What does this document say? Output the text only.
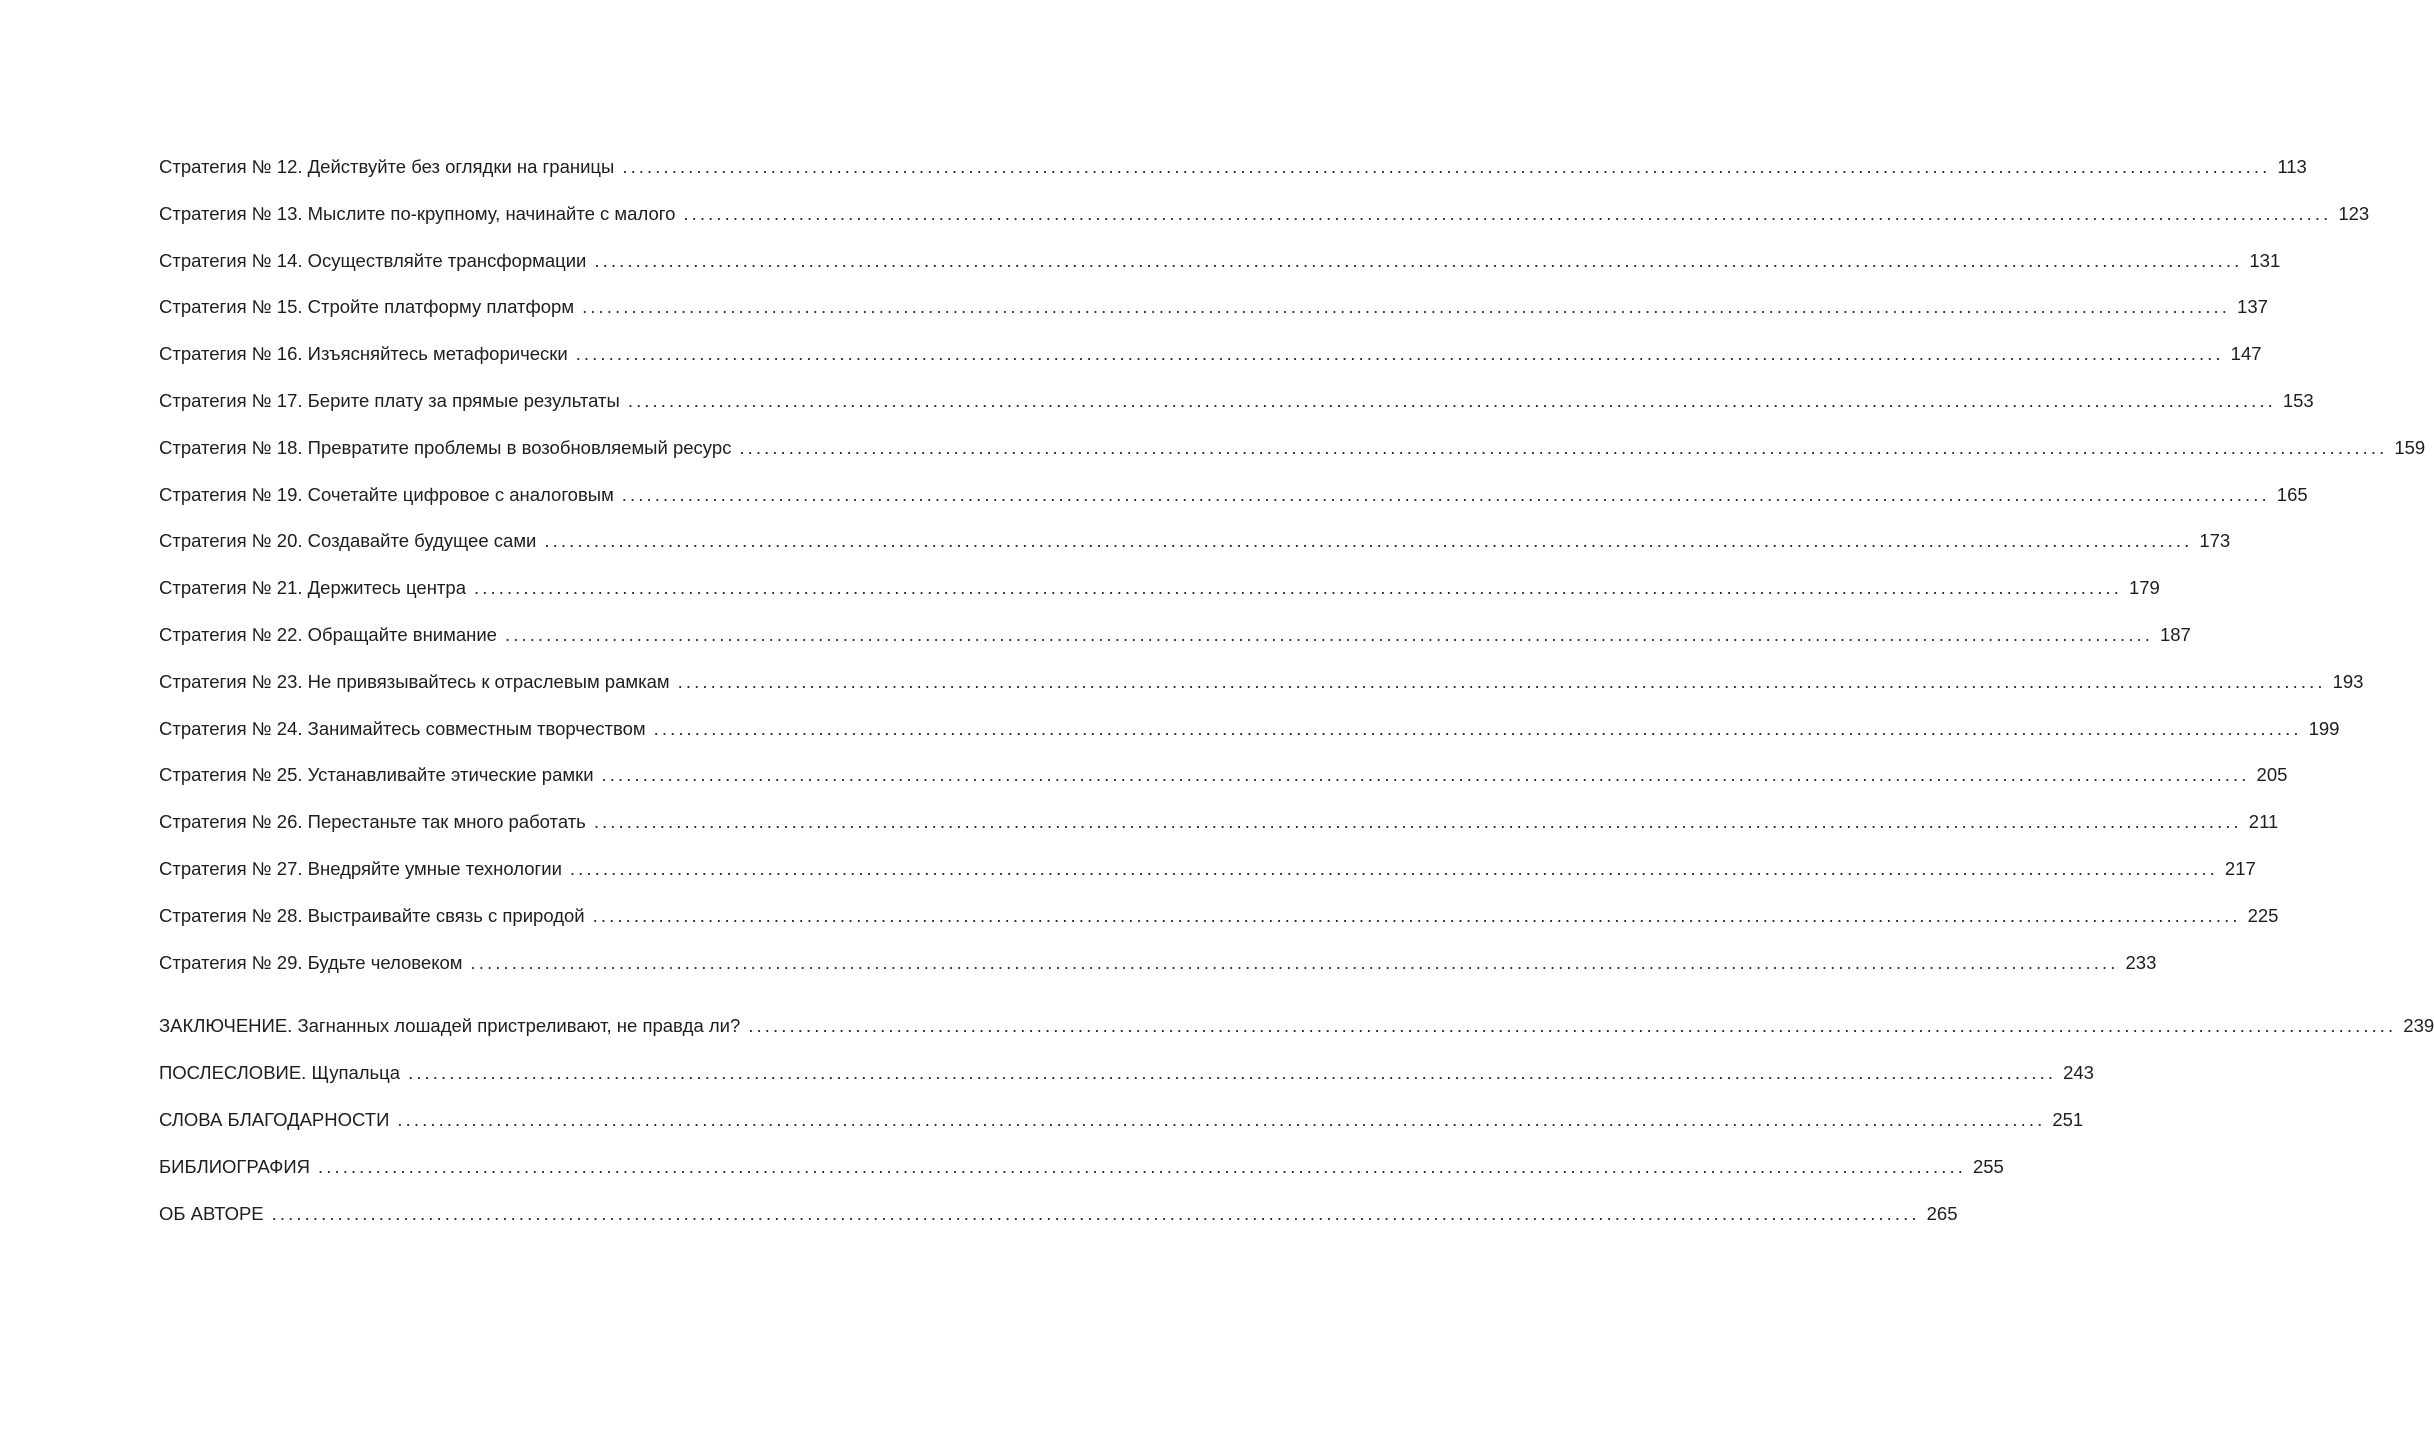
Стратегия № 12. Действуйте без оглядки на границы ........................................................................................................................................................................................................ 113
Стратегия № 13. Мыслите по-крупному, начинайте с малого ........................................................................................................................................................................................................ 123
Стратегия № 14. Осуществляйте трансформации ........................................................................................................................................................................................................ 131
Стратегия № 15. Стройте платформу платформ ........................................................................................................................................................................................................ 137
Стратегия № 16. Изъясняйтесь метафорически ........................................................................................................................................................................................................ 147
Стратегия № 17. Берите плату за прямые результаты ........................................................................................................................................................................................................ 153
Стратегия № 18. Превратите проблемы в возобновляемый ресурс ........................................................................................................................................................................................................ 159
Стратегия № 19. Сочетайте цифровое с аналоговым ........................................................................................................................................................................................................ 165
Стратегия № 20. Создавайте будущее сами ........................................................................................................................................................................................................ 173
Стратегия № 21. Держитесь центра ........................................................................................................................................................................................................ 179
Стратегия № 22. Обращайте внимание ........................................................................................................................................................................................................ 187
Стратегия № 23. Не привязывайтесь к отраслевым рамкам ........................................................................................................................................................................................................ 193
Стратегия № 24. Занимайтесь совместным творчеством ........................................................................................................................................................................................................ 199
Стратегия № 25. Устанавливайте этические рамки ........................................................................................................................................................................................................ 205
Стратегия № 26. Перестаньте так много работать ........................................................................................................................................................................................................ 211
Стратегия № 27. Внедряйте умные технологии ........................................................................................................................................................................................................ 217
Стратегия № 28. Выстраивайте связь с природой ........................................................................................................................................................................................................ 225
Стратегия № 29. Будьте человеком ........................................................................................................................................................................................................ 233
ЗАКЛЮЧЕНИЕ. Загнанных лошадей пристреливают, не правда ли? ........................................................................................................................................................................................................ 239
ПОСЛЕСЛОВИЕ. Щупальца ........................................................................................................................................................................................................ 243
СЛОВА БЛАГОДАРНОСТИ ........................................................................................................................................................................................................ 251
БИБЛИОГРАФИЯ ........................................................................................................................................................................................................ 255
ОБ АВТОРЕ ........................................................................................................................................................................................................ 265
